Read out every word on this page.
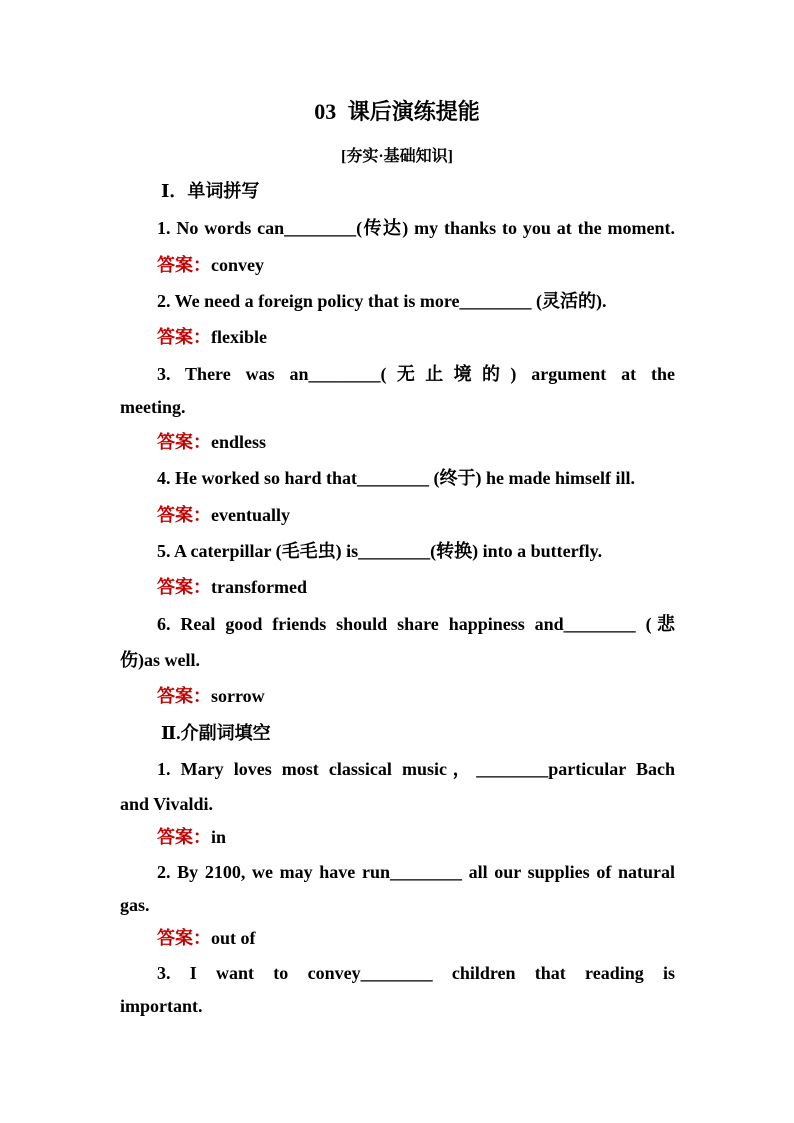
03 课后演练提能
[夯实·基础知识]
Ⅰ．单词拼写
1. No words can________(传达) my thanks to you at the moment.
答案：convey
2. We need a foreign policy that is more________ (灵活的).
答案：flexible
3. There was an________(无止境的) argument at the
meeting.
答案：endless
4. He worked so hard that________ (终于) he made himself ill.
答案：eventually
5. A caterpillar (毛毛虫) is________(转换) into a butterfly.
答案：transformed
6. Real good friends should share happiness and________ (悲
伤)as well.
答案：sorrow
Ⅱ.介副词填空
1. Mary loves most classical music，________particular Bach
and Vivaldi.
答案：in
2. By 2100, we may have run________ all our supplies of natural
gas.
答案：out of
3. I want to convey________ children that reading is
important.
